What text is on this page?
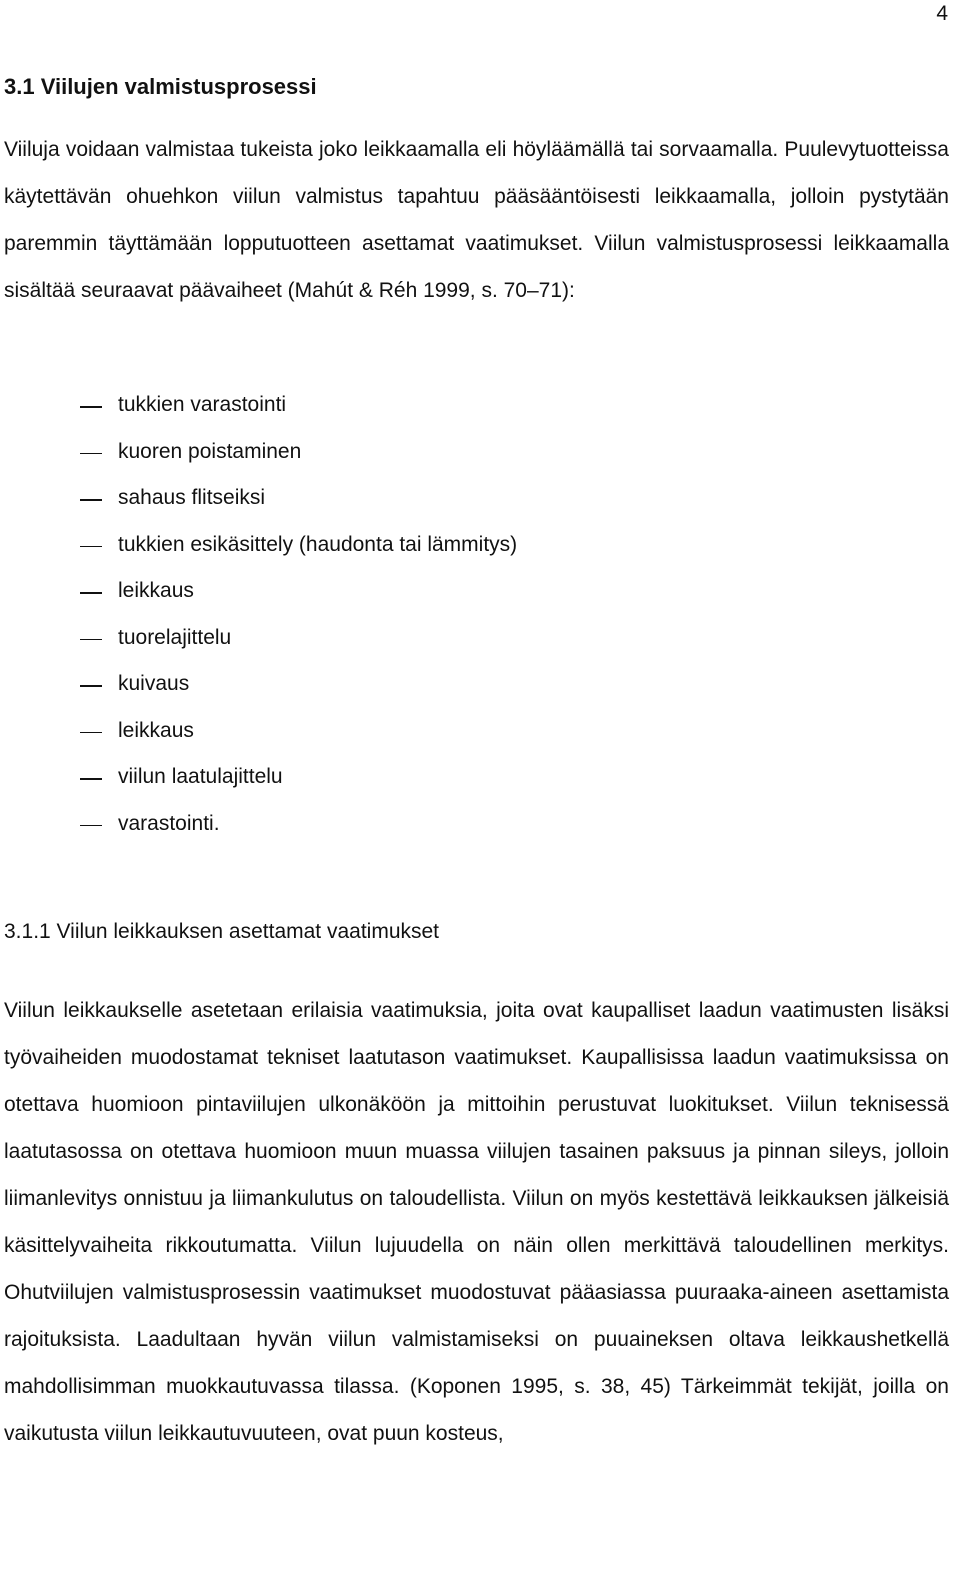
4
3.1 Viilujen valmistusprosessi

Viiluja voidaan valmistaa tukeista joko leikkaamalla eli höyläämällä tai sorvaamalla. Puulevytuotteissa käytettävän ohuehkon viilun valmistus tapahtuu pääsääntöisesti leikkaamalla, jolloin pystytään paremmin täyttämään lopputuotteen asettamat vaatimukset. Viilun valmistusprosessi leikkaamalla sisältää seuraavat päävaiheet (Mahút & Réh 1999, s. 70–71):

tukkien varastointi
kuoren poistaminen
sahaus flitseiksi
tukkien esikäsittely (haudonta tai lämmitys)
leikkaus
tuorelajittelu
kuivaus
leikkaus
viilun laatulajittelu
varastointi.
3.1.1 Viilun leikkauksen asettamat vaatimukset

Viilun leikkaukselle asetetaan erilaisia vaatimuksia, joita ovat kaupalliset laadun vaatimusten lisäksi työvaiheiden muodostamat tekniset laatutason vaatimukset. Kaupallisissa laadun vaatimuksissa on otettava huomioon pintaviilujen ulkonäköön ja mittoihin perustuvat luokitukset. Viilun teknisessä laatutasossa on otettava huomioon muun muassa viilujen tasainen paksuus ja pinnan sileys, jolloin liimanlevitys onnistuu ja liimankulutus on taloudellista. Viilun on myös kestettävä leikkauksen jälkeisiä käsittelyvaiheita rikkoutumatta. Viilun lujuudella on näin ollen merkittävä taloudellinen merkitys. Ohutviilujen valmistusprosessin vaatimukset muodostuvat pääasiassa puuraaka-aineen asettamista rajoituksista. Laadultaan hyvän viilun valmistamiseksi on puuaineksen oltava leikkaushetkellä mahdollisimman muokkautuvassa tilassa. (Koponen 1995, s. 38, 45) Tärkeimmät tekijät, joilla on vaikutusta viilun leikkautuvuuteen, ovat puun kosteus,
